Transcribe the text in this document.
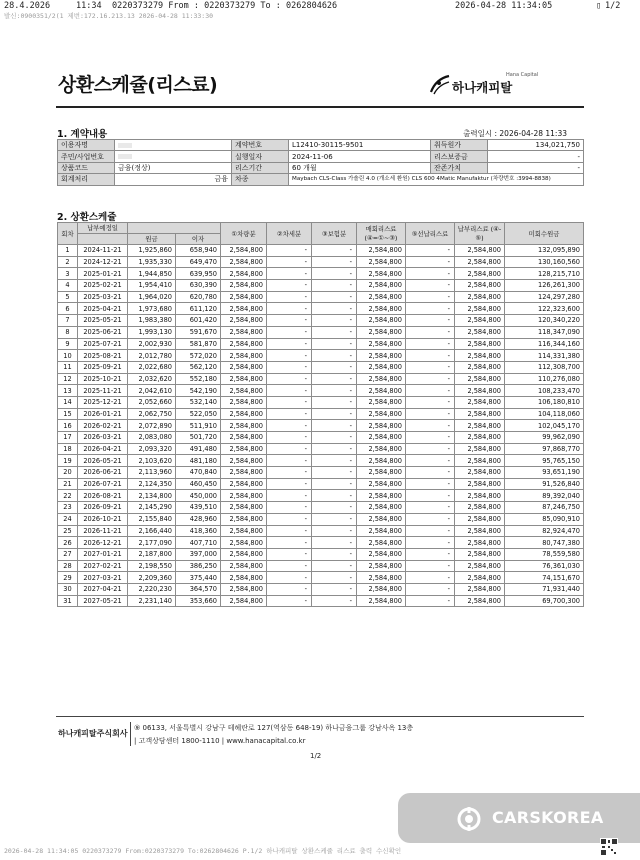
28.4.2026	11:34 0220373279 From : 0220373279 To : 0262804626	2026-04-28 11:34:05	▯ 1/2
발신:0900351/2(1 제번:172.16.213.13 2026-04-28 11:33:30
상환스케쥴(리스료)	하나캐피탈
Hana Capital
1. 계약내용	출력일시 : 2026-04-28 11:33
이용자명		계약번호	L12410-30115-9501	취득원가	134,021,750
주민/사업번호		실행일자	2024-11-06	리스보증금	-
상품코드	금융(정상)	리스기간	60 개월	잔존가치	-
회계처리	금융	차종	Maybach CLS-Class 가솔린 4.0 (개소세 환원) CLS 600 4Matic Manufaktur (차량번호 :3994-8838)		
2. 상환스케쥴
회차	납부예정일			①차량분	②차세분	③보험분	매회리스료 (④=①~③)	⑤선납리스료	납부리스료 (④-⑤)	미회수원금
		원금	이자							
1	2024-11-21	1,925,860	658,940	2,584,800	-	-	2,584,800	-	2,584,800	132,095,890
2	2024-12-21	1,935,330	649,470	2,584,800	-	-	2,584,800	-	2,584,800	130,160,560
3	2025-01-21	1,944,850	639,950	2,584,800	-	-	2,584,800	-	2,584,800	128,215,710
4	2025-02-21	1,954,410	630,390	2,584,800	-	-	2,584,800	-	2,584,800	126,261,300
5	2025-03-21	1,964,020	620,780	2,584,800	-	-	2,584,800	-	2,584,800	124,297,280
6	2025-04-21	1,973,680	611,120	2,584,800	-	-	2,584,800	-	2,584,800	122,323,600
7	2025-05-21	1,983,380	601,420	2,584,800	-	-	2,584,800	-	2,584,800	120,340,220
8	2025-06-21	1,993,130	591,670	2,584,800	-	-	2,584,800	-	2,584,800	118,347,090
9	2025-07-21	2,002,930	581,870	2,584,800	-	-	2,584,800	-	2,584,800	116,344,160
10	2025-08-21	2,012,780	572,020	2,584,800	-	-	2,584,800	-	2,584,800	114,331,380
11	2025-09-21	2,022,680	562,120	2,584,800	-	-	2,584,800	-	2,584,800	112,308,700
12	2025-10-21	2,032,620	552,180	2,584,800	-	-	2,584,800	-	2,584,800	110,276,080
13	2025-11-21	2,042,610	542,190	2,584,800	-	-	2,584,800	-	2,584,800	108,233,470
14	2025-12-21	2,052,660	532,140	2,584,800	-	-	2,584,800	-	2,584,800	106,180,810
15	2026-01-21	2,062,750	522,050	2,584,800	-	-	2,584,800	-	2,584,800	104,118,060
16	2026-02-21	2,072,890	511,910	2,584,800	-	-	2,584,800	-	2,584,800	102,045,170
17	2026-03-21	2,083,080	501,720	2,584,800	-	-	2,584,800	-	2,584,800	99,962,090
18	2026-04-21	2,093,320	491,480	2,584,800	-	-	2,584,800	-	2,584,800	97,868,770
19	2026-05-21	2,103,620	481,180	2,584,800	-	-	2,584,800	-	2,584,800	95,765,150
20	2026-06-21	2,113,960	470,840	2,584,800	-	-	2,584,800	-	2,584,800	93,651,190
21	2026-07-21	2,124,350	460,450	2,584,800	-	-	2,584,800	-	2,584,800	91,526,840
22	2026-08-21	2,134,800	450,000	2,584,800	-	-	2,584,800	-	2,584,800	89,392,040
23	2026-09-21	2,145,290	439,510	2,584,800	-	-	2,584,800	-	2,584,800	87,246,750
24	2026-10-21	2,155,840	428,960	2,584,800	-	-	2,584,800	-	2,584,800	85,090,910
25	2026-11-21	2,166,440	418,360	2,584,800	-	-	2,584,800	-	2,584,800	82,924,470
26	2026-12-21	2,177,090	407,710	2,584,800	-	-	2,584,800	-	2,584,800	80,747,380
27	2027-01-21	2,187,800	397,000	2,584,800	-	-	2,584,800	-	2,584,800	78,559,580
28	2027-02-21	2,198,550	386,250	2,584,800	-	-	2,584,800	-	2,584,800	76,361,030
29	2027-03-21	2,209,360	375,440	2,584,800	-	-	2,584,800	-	2,584,800	74,151,670
30	2027-04-21	2,220,230	364,570	2,584,800	-	-	2,584,800	-	2,584,800	71,931,440
31	2027-05-21	2,231,140	353,660	2,584,800	-	-	2,584,800	-	2,584,800	69,700,300
하나캐피탈주식회사
⑨ 06133, 서울특별시 강남구 테헤란로 127(역삼동 648-19) 하나금융그룹 강남사옥 13층
| 고객상담센터 1800-1110 | www.hanacapital.co.kr
1/2
CARSKOREA
2026-04-28 11:34:05 0220373279 From:0220373279 To:0262804626 P.1/2 하나캐피탈 상환스케쥴 리스료 출력 수신확인
